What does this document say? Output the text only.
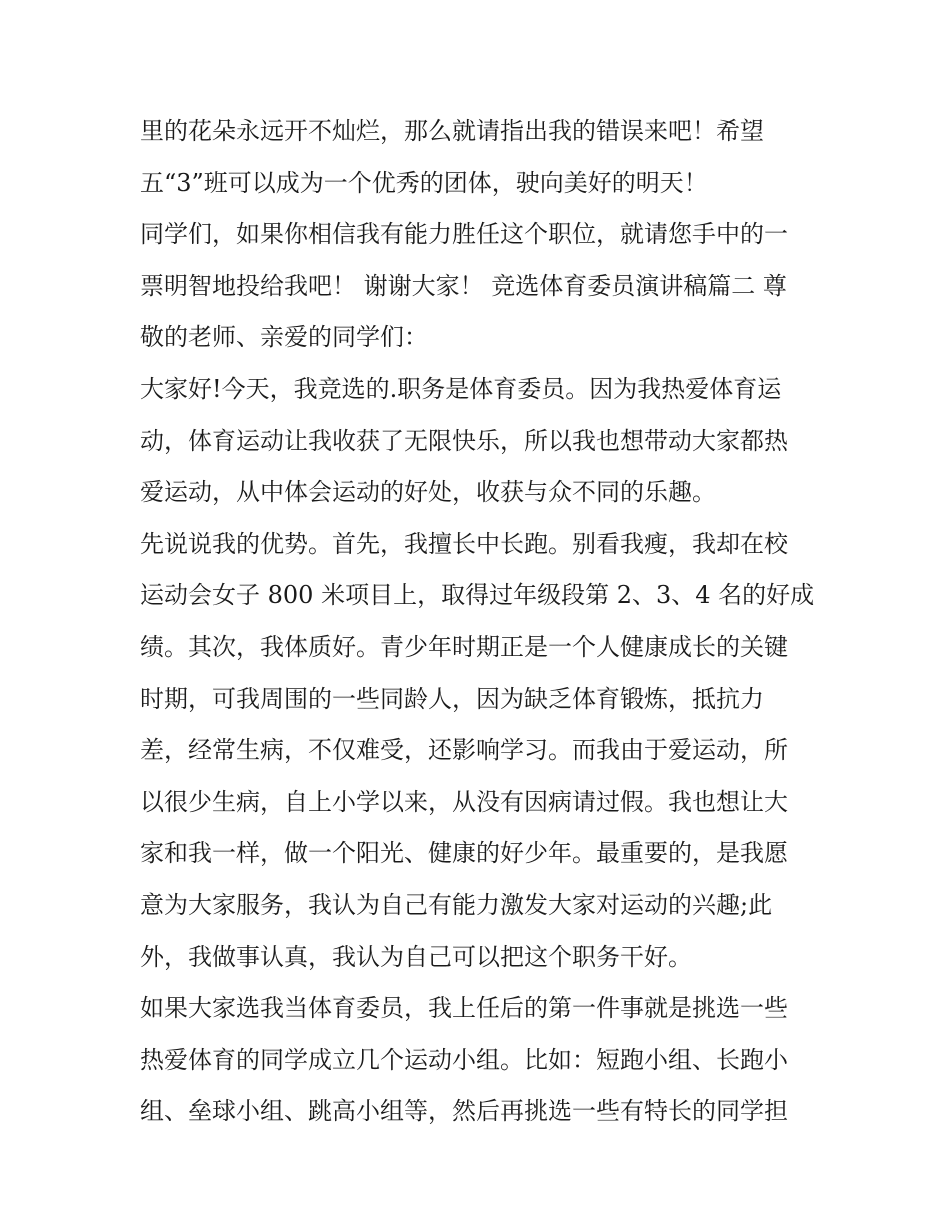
里的花朵永远开不灿烂，那么就请指出我的错误来吧！希望
五“3”班可以成为一个优秀的团体，驶向美好的明天！
同学们，如果你相信我有能力胜任这个职位，就请您手中的一
票明智地投给我吧！ 谢谢大家！ 竞选体育委员演讲稿篇二 尊
敬的老师、亲爱的同学们：
大家好!今天，我竞选的.职务是体育委员。因为我热爱体育运
动，体育运动让我收获了无限快乐，所以我也想带动大家都热
爱运动，从中体会运动的好处，收获与众不同的乐趣。
先说说我的优势。首先，我擅长中长跑。别看我瘦，我却在校
运动会女子 800 米项目上，取得过年级段第 2、3、4 名的好成
绩。其次，我体质好。青少年时期正是一个人健康成长的关键
时期，可我周围的一些同龄人，因为缺乏体育锻炼，抵抗力
差，经常生病，不仅难受，还影响学习。而我由于爱运动，所
以很少生病，自上小学以来，从没有因病请过假。我也想让大
家和我一样，做一个阳光、健康的好少年。最重要的，是我愿
意为大家服务，我认为自己有能力激发大家对运动的兴趣;此
外，我做事认真，我认为自己可以把这个职务干好。
如果大家选我当体育委员，我上任后的第一件事就是挑选一些
热爱体育的同学成立几个运动小组。比如：短跑小组、长跑小
组、垒球小组、跳高小组等，然后再挑选一些有特长的同学担
